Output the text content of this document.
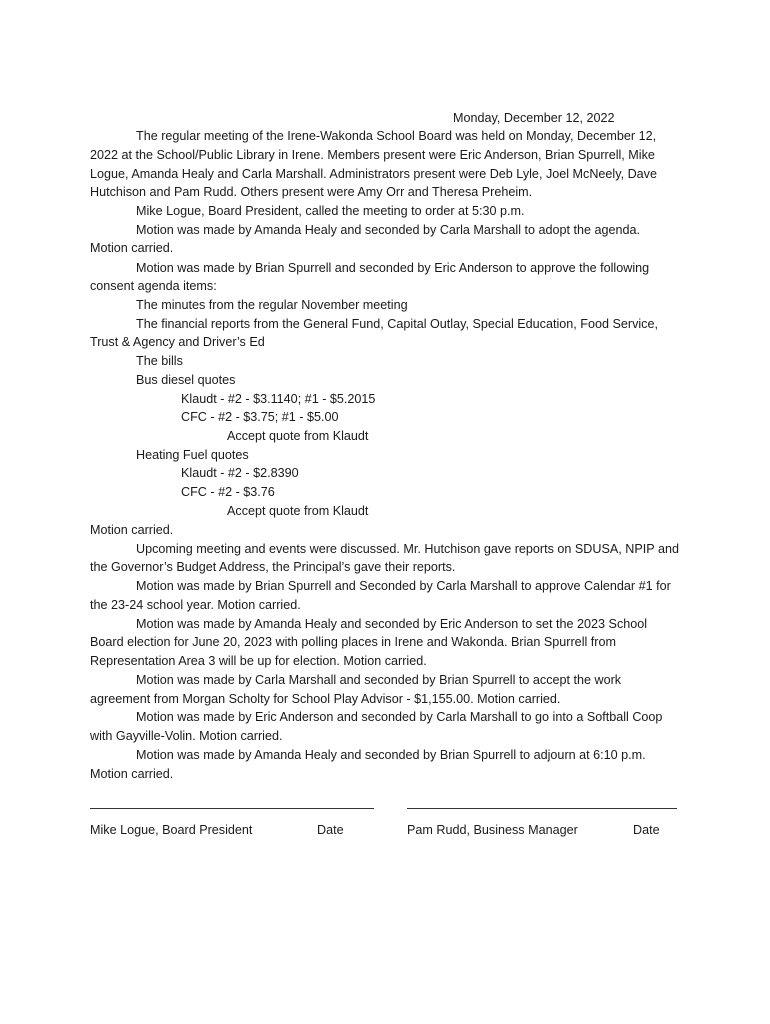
Monday, December 12, 2022
The regular meeting of the Irene-Wakonda School Board was held on Monday, December 12,
2022 at the School/Public Library in Irene. Members present were Eric Anderson, Brian Spurrell, Mike
Logue, Amanda Healy and Carla Marshall. Administrators present were Deb Lyle, Joel McNeely, Dave
Hutchison and Pam Rudd. Others present were Amy Orr and Theresa Preheim.
Mike Logue, Board President, called the meeting to order at 5:30 p.m.
Motion was made by Amanda Healy and seconded by Carla Marshall to adopt the agenda.
Motion carried.
Motion was made by Brian Spurrell and seconded by Eric Anderson to approve the following
consent agenda items:
The minutes from the regular November meeting
The financial reports from the General Fund, Capital Outlay, Special Education, Food Service,
Trust & Agency and Driver’s Ed
The bills
Bus diesel quotes
Klaudt - #2 - $3.1140; #1 - $5.2015
CFC - #2 - $3.75; #1 - $5.00
Accept quote from Klaudt
Heating Fuel quotes
Klaudt - #2 - $2.8390
CFC - #2 - $3.76
Accept quote from Klaudt
Motion carried.
Upcoming meeting and events were discussed. Mr. Hutchison gave reports on SDUSA, NPIP and
the Governor’s Budget Address, the Principal’s gave their reports.
Motion was made by Brian Spurrell and Seconded by Carla Marshall to approve Calendar #1 for
the 23-24 school year. Motion carried.
Motion was made by Amanda Healy and seconded by Eric Anderson to set the 2023 School
Board election for June 20, 2023 with polling places in Irene and Wakonda. Brian Spurrell from
Representation Area 3 will be up for election. Motion carried.
Motion was made by Carla Marshall and seconded by Brian Spurrell to accept the work
agreement from Morgan Scholty for School Play Advisor - $1,155.00. Motion carried.
Motion was made by Eric Anderson and seconded by Carla Marshall to go into a Softball Coop
with Gayville-Volin. Motion carried.
Motion was made by Amanda Healy and seconded by Brian Spurrell to adjourn at 6:10 p.m.
Motion carried.
Mike Logue, Board President	Date	Pam Rudd, Business Manager	Date
